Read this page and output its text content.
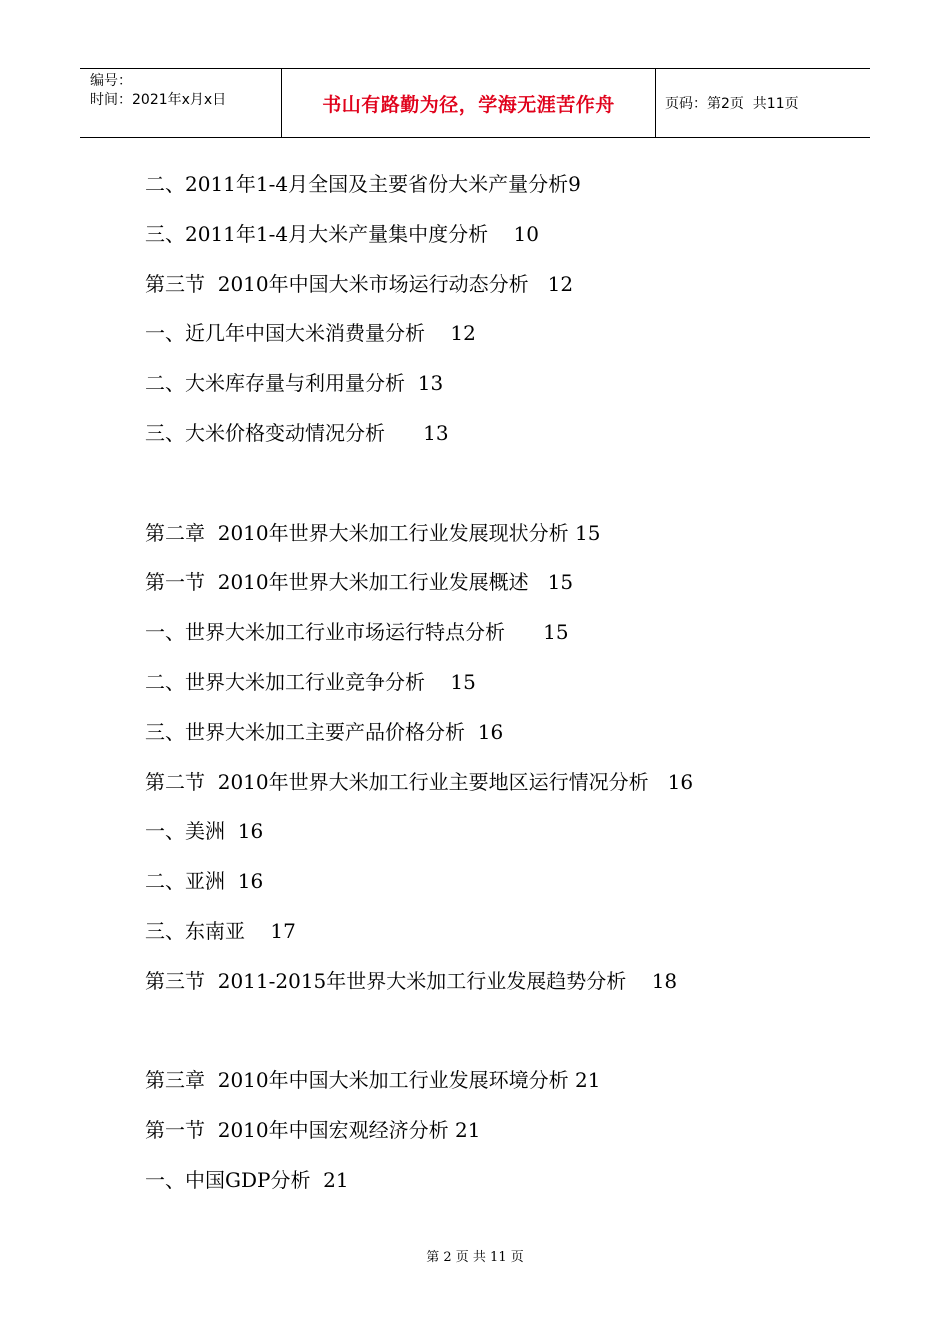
编号：
时间：2021年x月x日	书山有路勤为径，学海无涯苦作舟	页码：第2页  共11页
二、2011年1-4月全国及主要省份大米产量分析9
三、2011年1-4月大米产量集中度分析    10
第三节  2010年中国大米市场运行动态分析   12
一、近几年中国大米消费量分析    12
二、大米库存量与利用量分析  13
三、大米价格变动情况分析      13
第二章  2010年世界大米加工行业发展现状分析 15
第一节  2010年世界大米加工行业发展概述   15
一、世界大米加工行业市场运行特点分析      15
二、世界大米加工行业竞争分析    15
三、世界大米加工主要产品价格分析  16
第二节  2010年世界大米加工行业主要地区运行情况分析   16
一、美洲  16
二、亚洲  16
三、东南亚    17
第三节  2011-2015年世界大米加工行业发展趋势分析    18
第三章  2010年中国大米加工行业发展环境分析 21
第一节  2010年中国宏观经济分析 21
一、中国GDP分析  21
第 2 页 共 11 页
